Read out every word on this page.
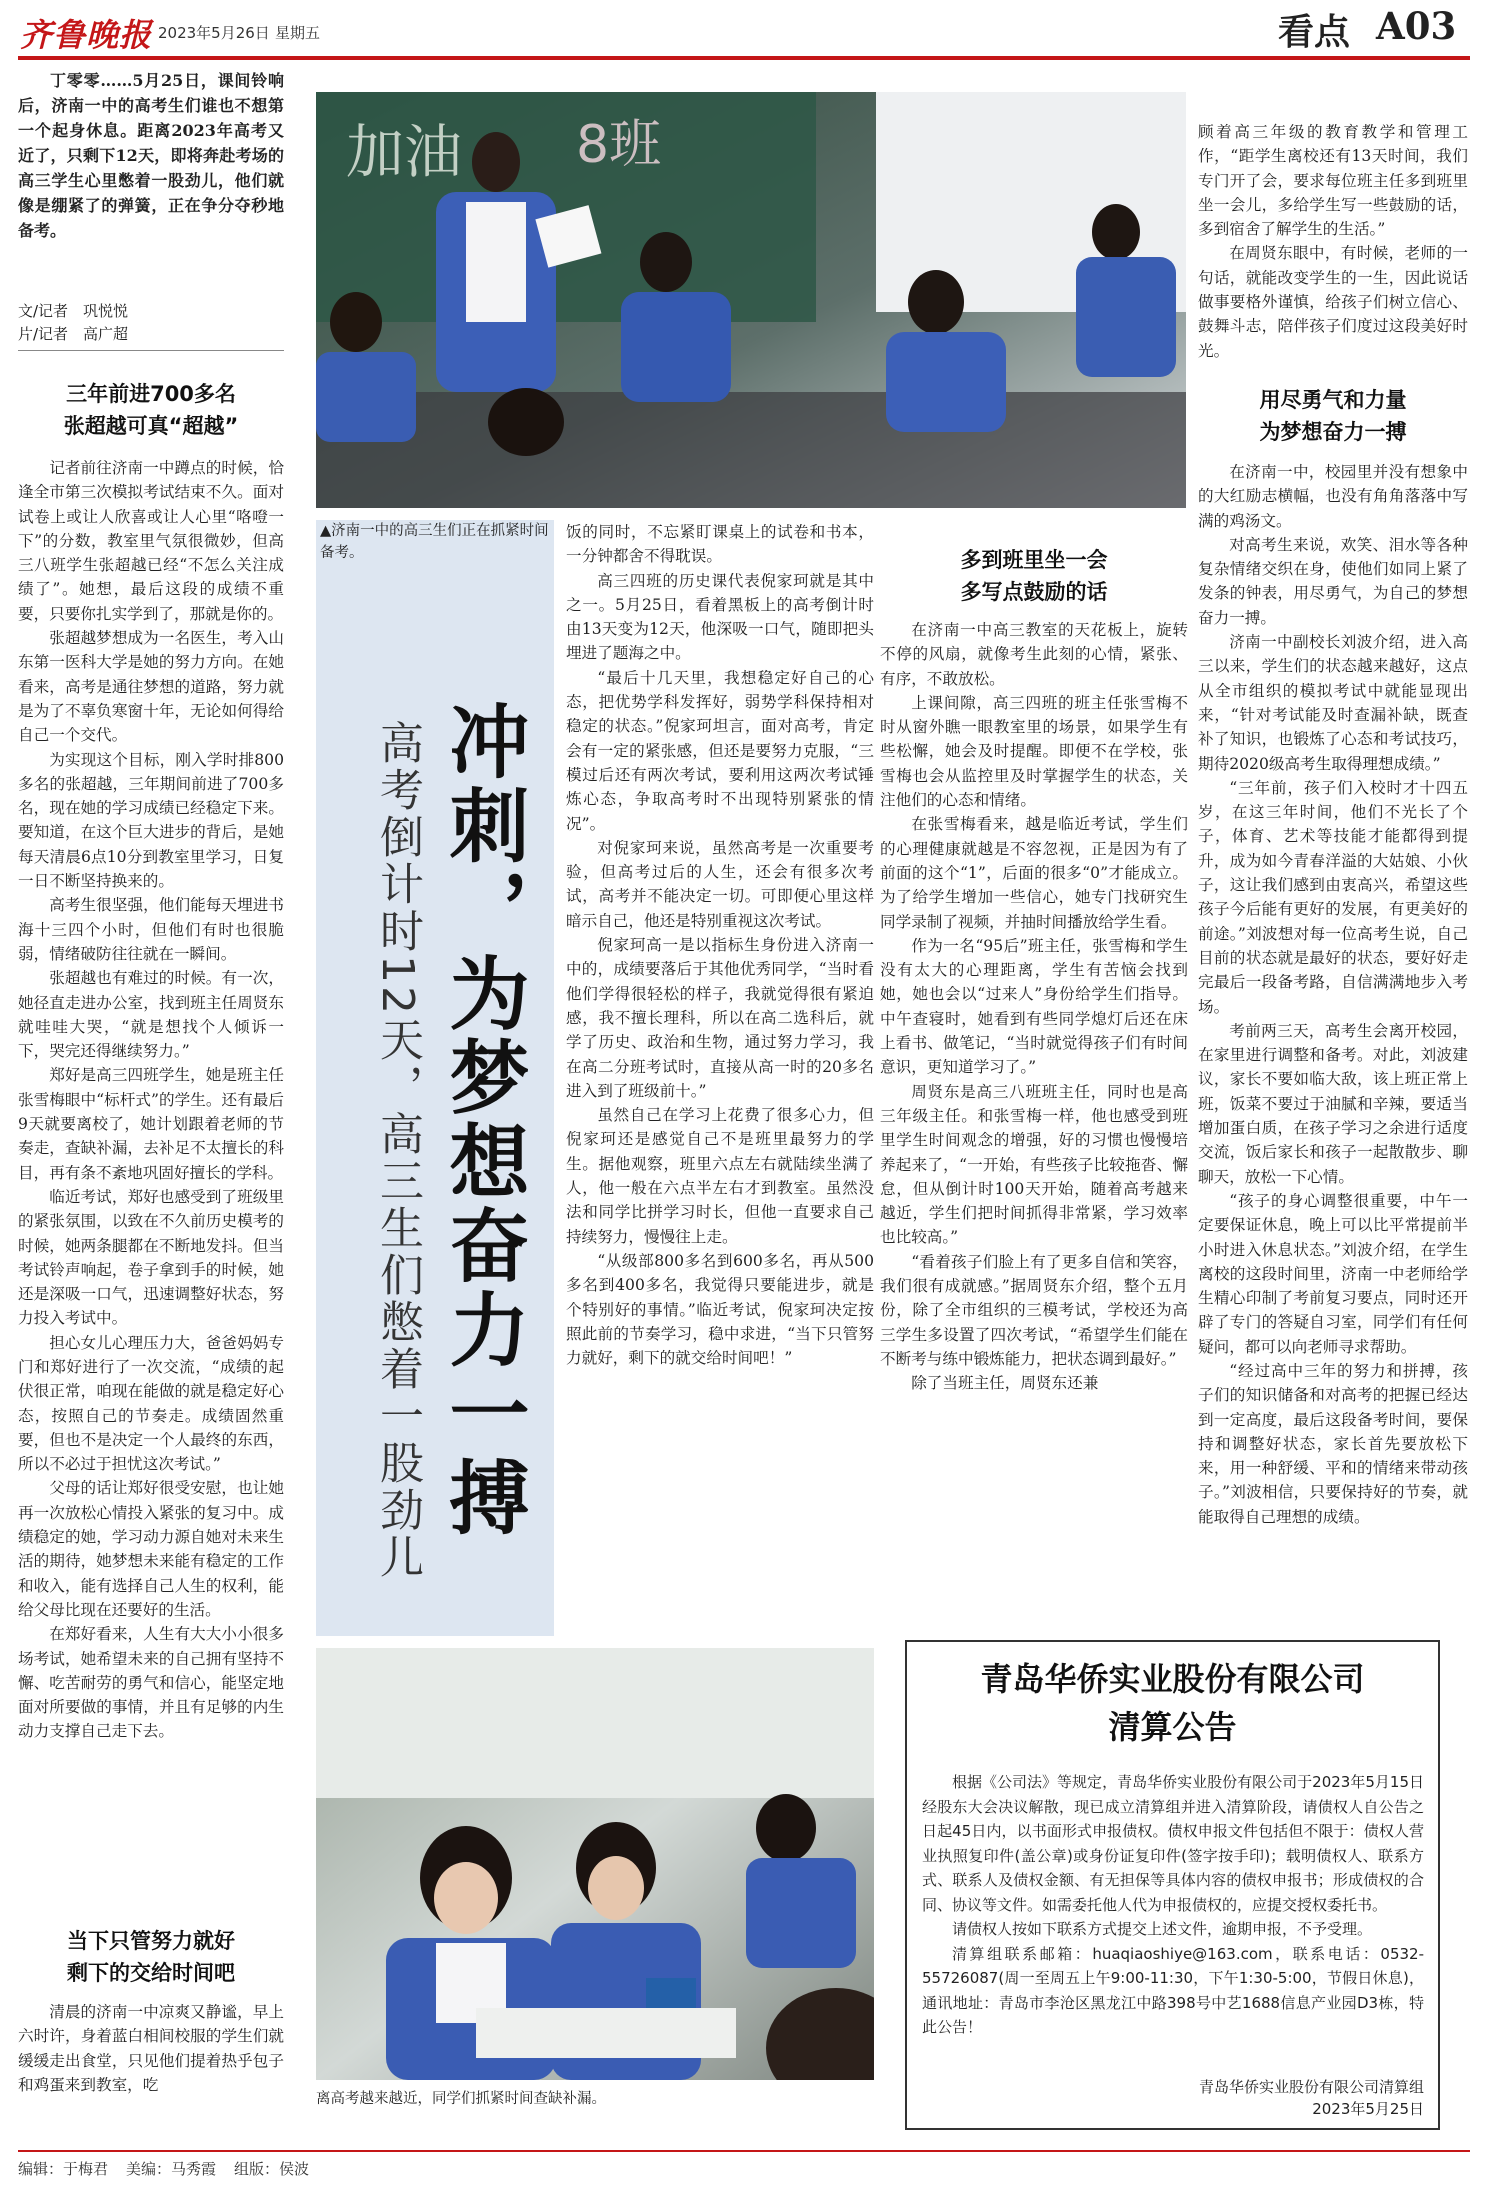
齐鲁晚报 2023年5月26日 星期五	看点 A03

丁零零……5月25日，课间铃响后，济南一中的高考生们谁也不想第一个起身休息。距离2023年高考又近了，只剩下12天，即将奔赴考场的高三学生心里憋着一股劲儿，他们就像是绷紧了的弹簧，正在争分夺秒地备考。

文/记者　巩悦悦
片/记者　高广超
三年前进700多名
张超越可真“超越”

记者前往济南一中蹲点的时候，恰逢全市第三次模拟考试结束不久。面对试卷上或让人欣喜或让人心里“咯噔一下”的分数，教室里气氛很微妙，但高三八班学生张超越已经“不怎么关注成绩了”。她想，最后这段的成绩不重要，只要你扎实学到了，那就是你的。

张超越梦想成为一名医生，考入山东第一医科大学是她的努力方向。在她看来，高考是通往梦想的道路，努力就是为了不辜负寒窗十年，无论如何得给自己一个交代。

为实现这个目标，刚入学时排800多名的张超越，三年期间前进了700多名，现在她的学习成绩已经稳定下来。要知道，在这个巨大进步的背后，是她每天清晨6点10分到教室里学习，日复一日不断坚持换来的。

高考生很坚强，他们能每天埋进书海十三四个小时，但他们有时也很脆弱，情绪破防往往就在一瞬间。

张超越也有难过的时候。有一次，她径直走进办公室，找到班主任周贤东就哇哇大哭，“就是想找个人倾诉一下，哭完还得继续努力。”

郑好是高三四班学生，她是班主任张雪梅眼中“标杆式”的学生。还有最后9天就要离校了，她计划跟着老师的节奏走，查缺补漏，去补足不太擅长的科目，再有条不紊地巩固好擅长的学科。

临近考试，郑好也感受到了班级里的紧张氛围，以致在不久前历史模考的时候，她两条腿都在不断地发抖。但当考试铃声响起，卷子拿到手的时候，她还是深吸一口气，迅速调整好状态，努力投入考试中。

担心女儿心理压力大，爸爸妈妈专门和郑好进行了一次交流，“成绩的起伏很正常，咱现在能做的就是稳定好心态，按照自己的节奏走。成绩固然重要，但也不是决定一个人最终的东西，所以不必过于担忧这次考试。”

父母的话让郑好很受安慰，也让她再一次放松心情投入紧张的复习中。成绩稳定的她，学习动力源自她对未来生活的期待，她梦想未来能有稳定的工作和收入，能有选择自己人生的权利，能给父母比现在还要好的生活。

在郑好看来，人生有大大小小很多场考试，她希望未来的自己拥有坚持不懈、吃苦耐劳的勇气和信心，能坚定地面对所要做的事情，并且有足够的内生动力支撑自己走下去。

当下只管努力就好
剩下的交给时间吧

清晨的济南一中凉爽又静谧，早上六时许，身着蓝白相间校服的学生们就缓缓走出食堂，只见他们提着热乎包子和鸡蛋来到教室，吃

加油 8班
▲济南一中的高三生们正在抓紧时间备考。
冲刺，为梦想奋力一搏
高考倒计时12天，高三生们憋着一股劲儿

饭的同时，不忘紧盯课桌上的试卷和书本，一分钟都舍不得耽误。

高三四班的历史课代表倪家珂就是其中之一。5月25日，看着黑板上的高考倒计时由13天变为12天，他深吸一口气，随即把头埋进了题海之中。

“最后十几天里，我想稳定好自己的心态，把优势学科发挥好，弱势学科保持相对稳定的状态。”倪家珂坦言，面对高考，肯定会有一定的紧张感，但还是要努力克服，“三模过后还有两次考试，要利用这两次考试锤炼心态，争取高考时不出现特别紧张的情况”。

对倪家珂来说，虽然高考是一次重要考验，但高考过后的人生，还会有很多次考试，高考并不能决定一切。可即便心里这样暗示自己，他还是特别重视这次考试。

倪家珂高一是以指标生身份进入济南一中的，成绩要落后于其他优秀同学，“当时看他们学得很轻松的样子，我就觉得很有紧迫感，我不擅长理科，所以在高二选科后，就学了历史、政治和生物，通过努力学习，我在高二分班考试时，直接从高一时的20多名进入到了班级前十。”

虽然自己在学习上花费了很多心力，但倪家珂还是感觉自己不是班里最努力的学生。据他观察，班里六点左右就陆续坐满了人，他一般在六点半左右才到教室。虽然没法和同学比拼学习时长，但他一直要求自己持续努力，慢慢往上走。

“从级部800多名到600多名，再从500多名到400多名，我觉得只要能进步，就是个特别好的事情。”临近考试，倪家珂决定按照此前的节奏学习，稳中求进，“当下只管努力就好，剩下的就交给时间吧！”

多到班里坐一会
多写点鼓励的话

在济南一中高三教室的天花板上，旋转不停的风扇，就像考生此刻的心情，紧张、有序，不敢放松。

上课间隙，高三四班的班主任张雪梅不时从窗外瞧一眼教室里的场景，如果学生有些松懈，她会及时提醒。即便不在学校，张雪梅也会从监控里及时掌握学生的状态，关注他们的心态和情绪。

在张雪梅看来，越是临近考试，学生们的心理健康就越是不容忽视，正是因为有了前面的这个“1”，后面的很多“0”才能成立。为了给学生增加一些信心，她专门找研究生同学录制了视频，并抽时间播放给学生看。

作为一名“95后”班主任，张雪梅和学生没有太大的心理距离，学生有苦恼会找到她，她也会以“过来人”身份给学生们指导。中午查寝时，她看到有些同学熄灯后还在床上看书、做笔记，“当时就觉得孩子们有时间意识，更知道学习了。”

周贤东是高三八班班主任，同时也是高三年级主任。和张雪梅一样，他也感受到班里学生时间观念的增强，好的习惯也慢慢培养起来了，“一开始，有些孩子比较拖沓、懈怠，但从倒计时100天开始，随着高考越来越近，学生们把时间抓得非常紧，学习效率也比较高。”

“看着孩子们脸上有了更多自信和笑容，我们很有成就感。”据周贤东介绍，整个五月份，除了全市组织的三模考试，学校还为高三学生多设置了四次考试，“希望学生们能在不断考与练中锻炼能力，把状态调到最好。”

除了当班主任，周贤东还兼

顾着高三年级的教育教学和管理工作，“距学生离校还有13天时间，我们专门开了会，要求每位班主任多到班里坐一会儿，多给学生写一些鼓励的话，多到宿舍了解学生的生活。”

在周贤东眼中，有时候，老师的一句话，就能改变学生的一生，因此说话做事要格外谨慎，给孩子们树立信心、鼓舞斗志，陪伴孩子们度过这段美好时光。

用尽勇气和力量
为梦想奋力一搏

在济南一中，校园里并没有想象中的大红励志横幅，也没有角角落落中写满的鸡汤文。

对高考生来说，欢笑、泪水等各种复杂情绪交织在身，使他们如同上紧了发条的钟表，用尽勇气，为自己的梦想奋力一搏。

济南一中副校长刘波介绍，进入高三以来，学生们的状态越来越好，这点从全市组织的模拟考试中就能显现出来，“针对考试能及时查漏补缺，既查补了知识，也锻炼了心态和考试技巧，期待2020级高考生取得理想成绩。”

“三年前，孩子们入校时才十四五岁，在这三年时间，他们不光长了个子，体育、艺术等技能才能都得到提升，成为如今青春洋溢的大姑娘、小伙子，这让我们感到由衷高兴，希望这些孩子今后能有更好的发展，有更美好的前途。”刘波想对每一位高考生说，自己目前的状态就是最好的状态，要好好走完最后一段备考路，自信满满地步入考场。

考前两三天，高考生会离开校园，在家里进行调整和备考。对此，刘波建议，家长不要如临大敌，该上班正常上班，饭菜不要过于油腻和辛辣，要适当增加蛋白质，在孩子学习之余进行适度交流，饭后家长和孩子一起散散步、聊聊天，放松一下心情。

“孩子的身心调整很重要，中午一定要保证休息，晚上可以比平常提前半小时进入休息状态。”刘波介绍，在学生离校的这段时间里，济南一中老师给学生精心印制了考前复习要点，同时还开辟了专门的答疑自习室，同学们有任何疑问，都可以向老师寻求帮助。

“经过高中三年的努力和拼搏，孩子们的知识储备和对高考的把握已经达到一定高度，最后这段备考时间，要保持和调整好状态，家长首先要放松下来，用一种舒缓、平和的情绪来带动孩子。”刘波相信，只要保持好的节奏，就能取得自己理想的成绩。

离高考越来越近，同学们抓紧时间查缺补漏。
青岛华侨实业股份有限公司
清算公告

根据《公司法》等规定，青岛华侨实业股份有限公司于2023年5月15日经股东大会决议解散，现已成立清算组并进入清算阶段，请债权人自公告之日起45日内，以书面形式申报债权。债权申报文件包括但不限于：债权人营业执照复印件(盖公章)或身份证复印件(签字按手印)；载明债权人、联系方式、联系人及债权金额、有无担保等具体内容的债权申报书；形成债权的合同、协议等文件。如需委托他人代为申报债权的，应提交授权委托书。

请债权人按如下联系方式提交上述文件，逾期申报，不予受理。

清算组联系邮箱：huaqiaoshiye@163.com，联系电话：0532-55726087(周一至周五上午9:00-11:30，下午1:30-5:00，节假日休息)，通讯地址：青岛市李沧区黑龙江中路398号中艺1688信息产业园D3栋，特此公告！

青岛华侨实业股份有限公司清算组
2023年5月25日
编辑：于梅君 美编：马秀霞 组版：侯波
